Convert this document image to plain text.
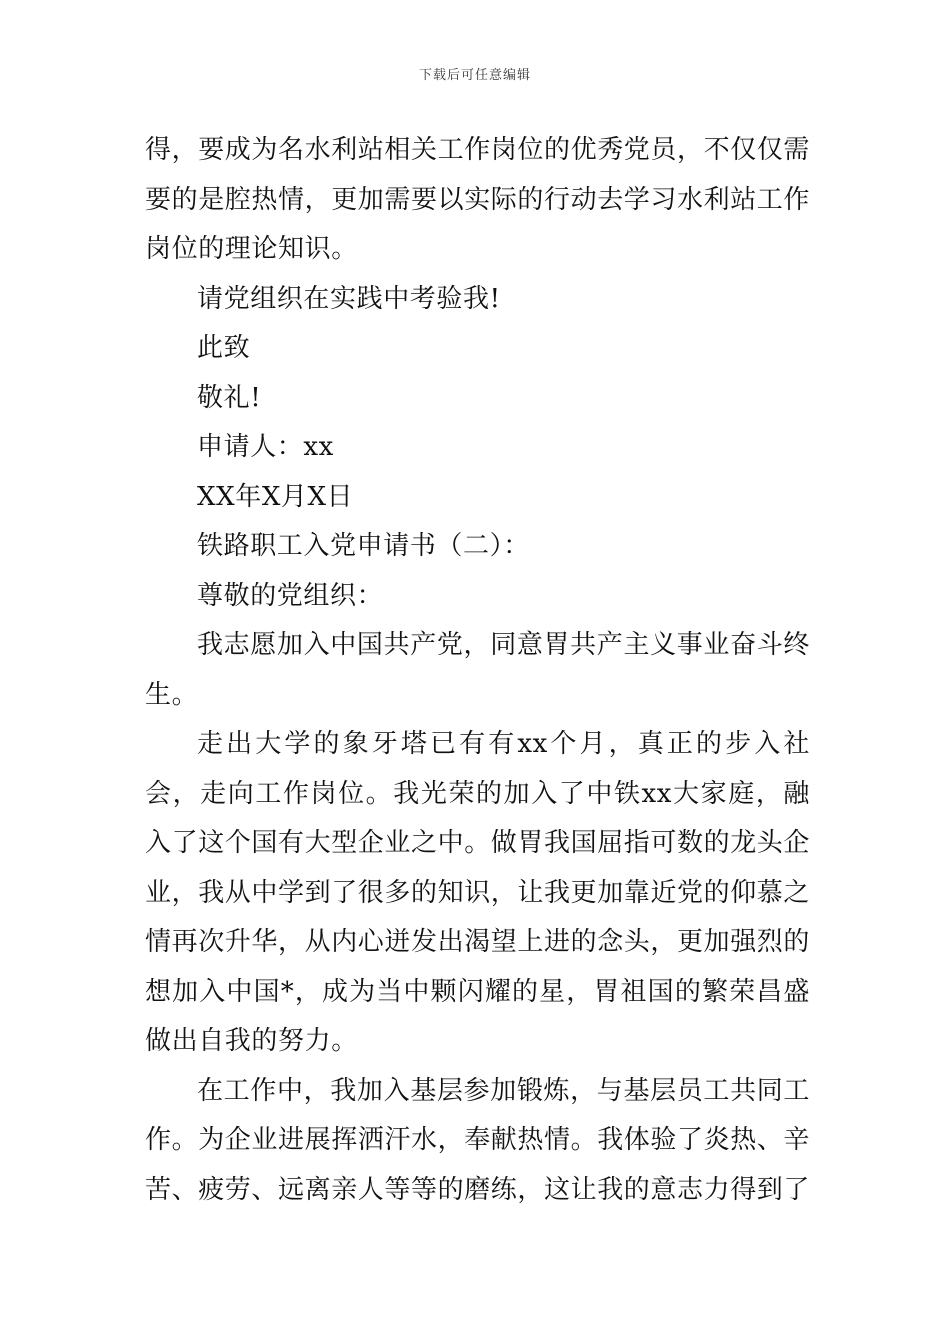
下载后可任意编辑

得，要成为名水利站相关工作岗位的优秀党员，不仅仅需要的是腔热情，更加需要以实际的行动去学习水利站工作岗位的理论知识。

请党组织在实践中考验我!

此致

敬礼!

申请人：xx

XX年X月X日

铁路职工入党申请书（二）：

尊敬的党组织：

我志愿加入中国共产党，同意胃共产主义事业奋斗终生。

走出大学的象牙塔已有有xx个月，真正的步入社会，走向工作岗位。我光荣的加入了中铁xx大家庭，融入了这个国有大型企业之中。做胃我国屈指可数的龙头企业，我从中学到了很多的知识，让我更加靠近党的仰慕之情再次升华，从内心迸发出渴望上进的念头，更加强烈的想加入中国*，成为当中颗闪耀的星，胃祖国的繁荣昌盛做出自我的努力。

在工作中，我加入基层参加锻炼，与基层员工共同工作。为企业进展挥洒汗水，奉献热情。我体验了炎热、辛苦、疲劳、远离亲人等等的磨练，这让我的意志力得到了
